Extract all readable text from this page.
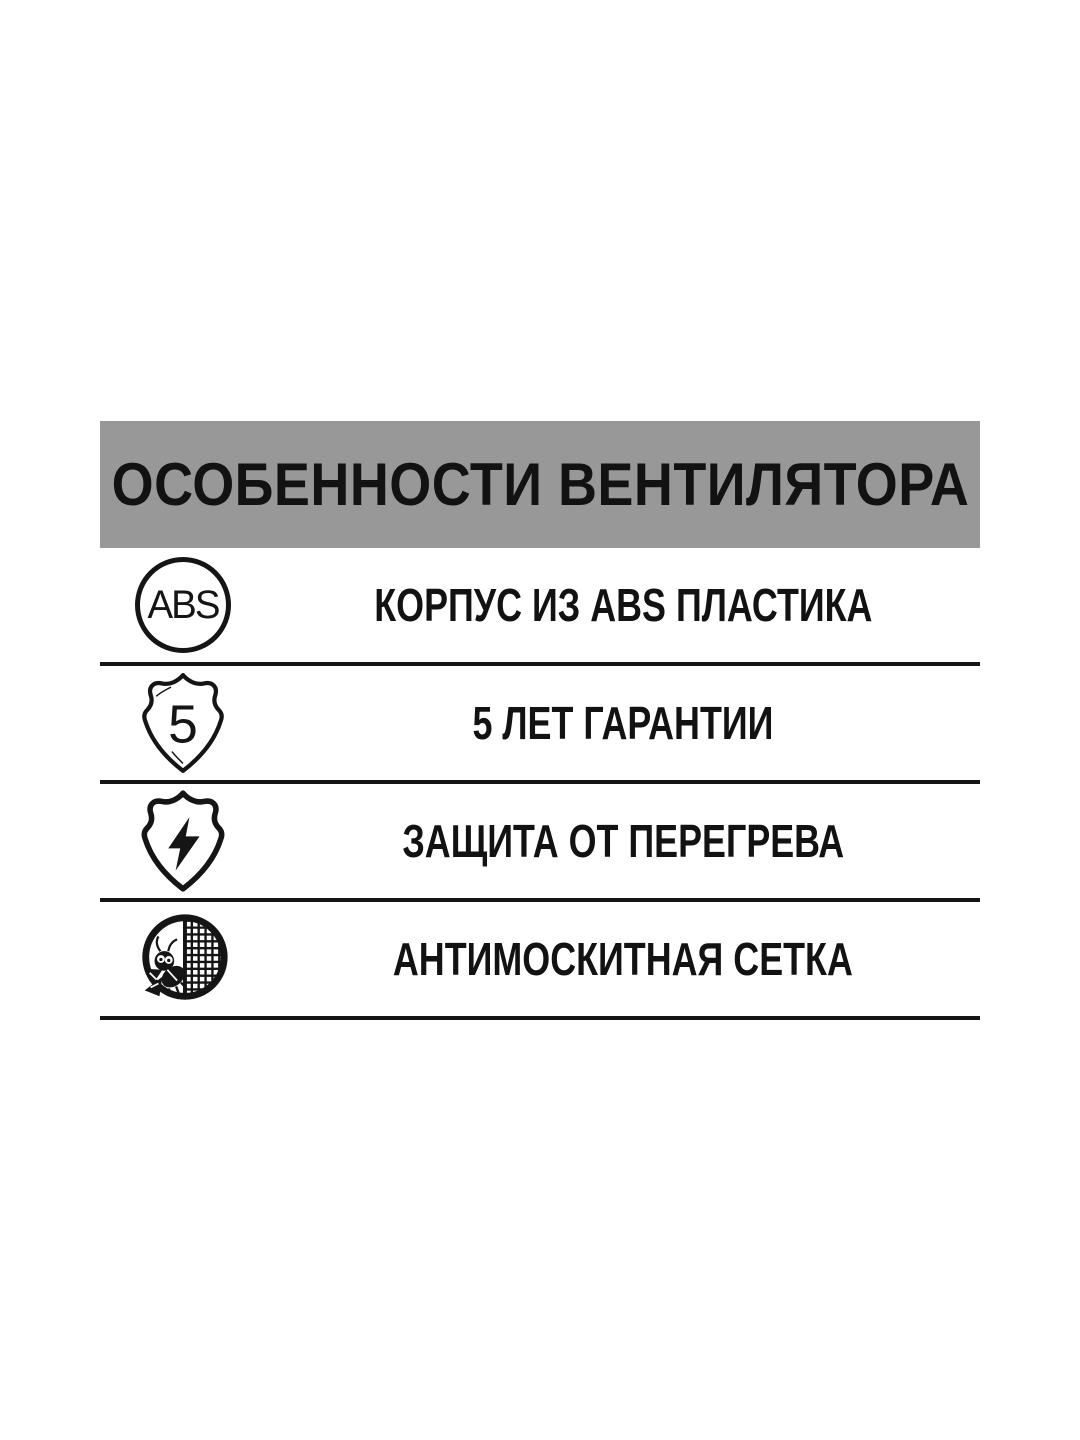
ОСОБЕННОСТИ ВЕНТИЛЯТОРА
ABS	КОРПУС ИЗ ABS ПЛАСТИКА
5	5 ЛЕТ ГАРАНТИИ
ЗАЩИТА ОТ ПЕРЕГРЕВА
АНТИМОСКИТНАЯ СЕТКА
